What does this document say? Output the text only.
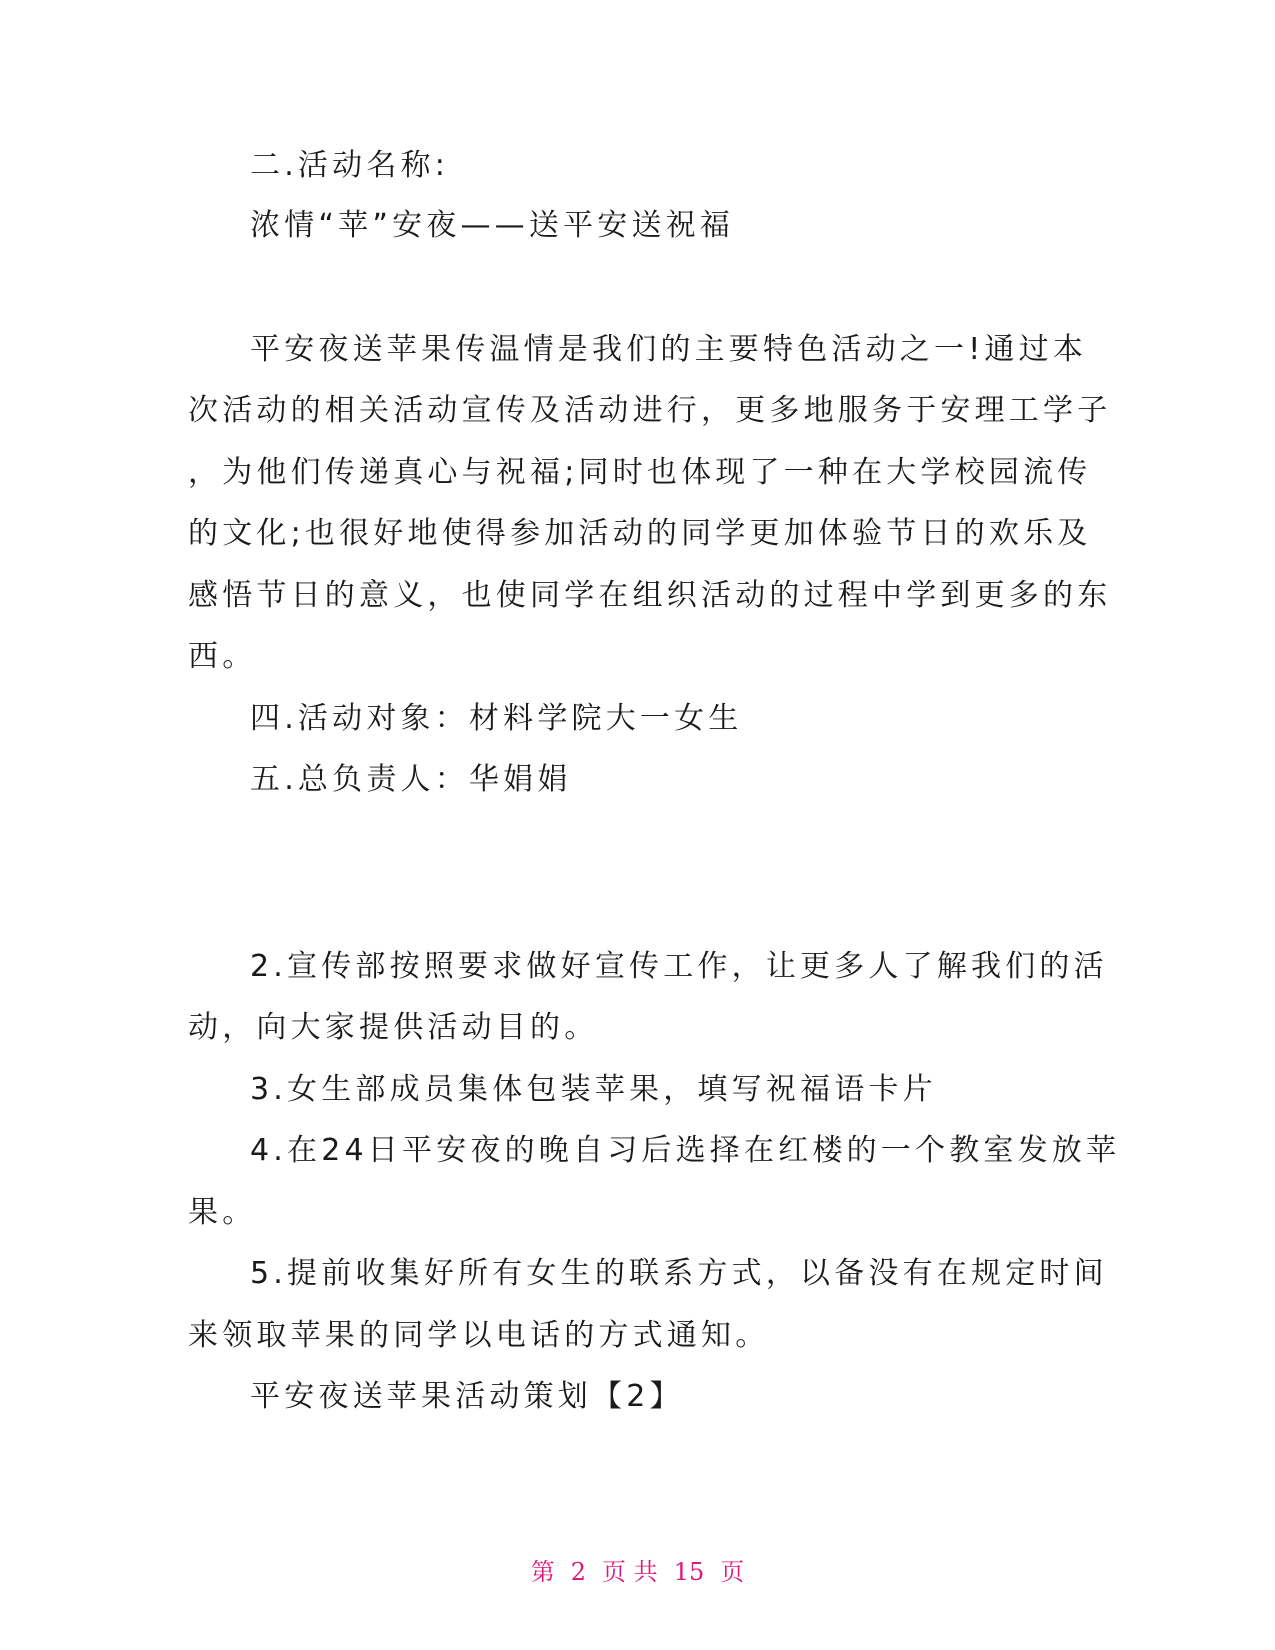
二.活动名称:
浓情“苹”安夜——送平安送祝福
平安夜送苹果传温情是我们的主要特色活动之一!通过本
次活动的相关活动宣传及活动进行，更多地服务于安理工学子
，为他们传递真心与祝福;同时也体现了一种在大学校园流传
的文化;也很好地使得参加活动的同学更加体验节日的欢乐及
感悟节日的意义，也使同学在组织活动的过程中学到更多的东
西。
四.活动对象：材料学院大一女生
五.总负责人：华娟娟
2.宣传部按照要求做好宣传工作，让更多人了解我们的活
动，向大家提供活动目的。
3.女生部成员集体包装苹果，填写祝福语卡片
4.在24日平安夜的晚自习后选择在红楼的一个教室发放苹
果。
5.提前收集好所有女生的联系方式，以备没有在规定时间
来领取苹果的同学以电话的方式通知。
平安夜送苹果活动策划【2】
第 2 页 共 15 页
